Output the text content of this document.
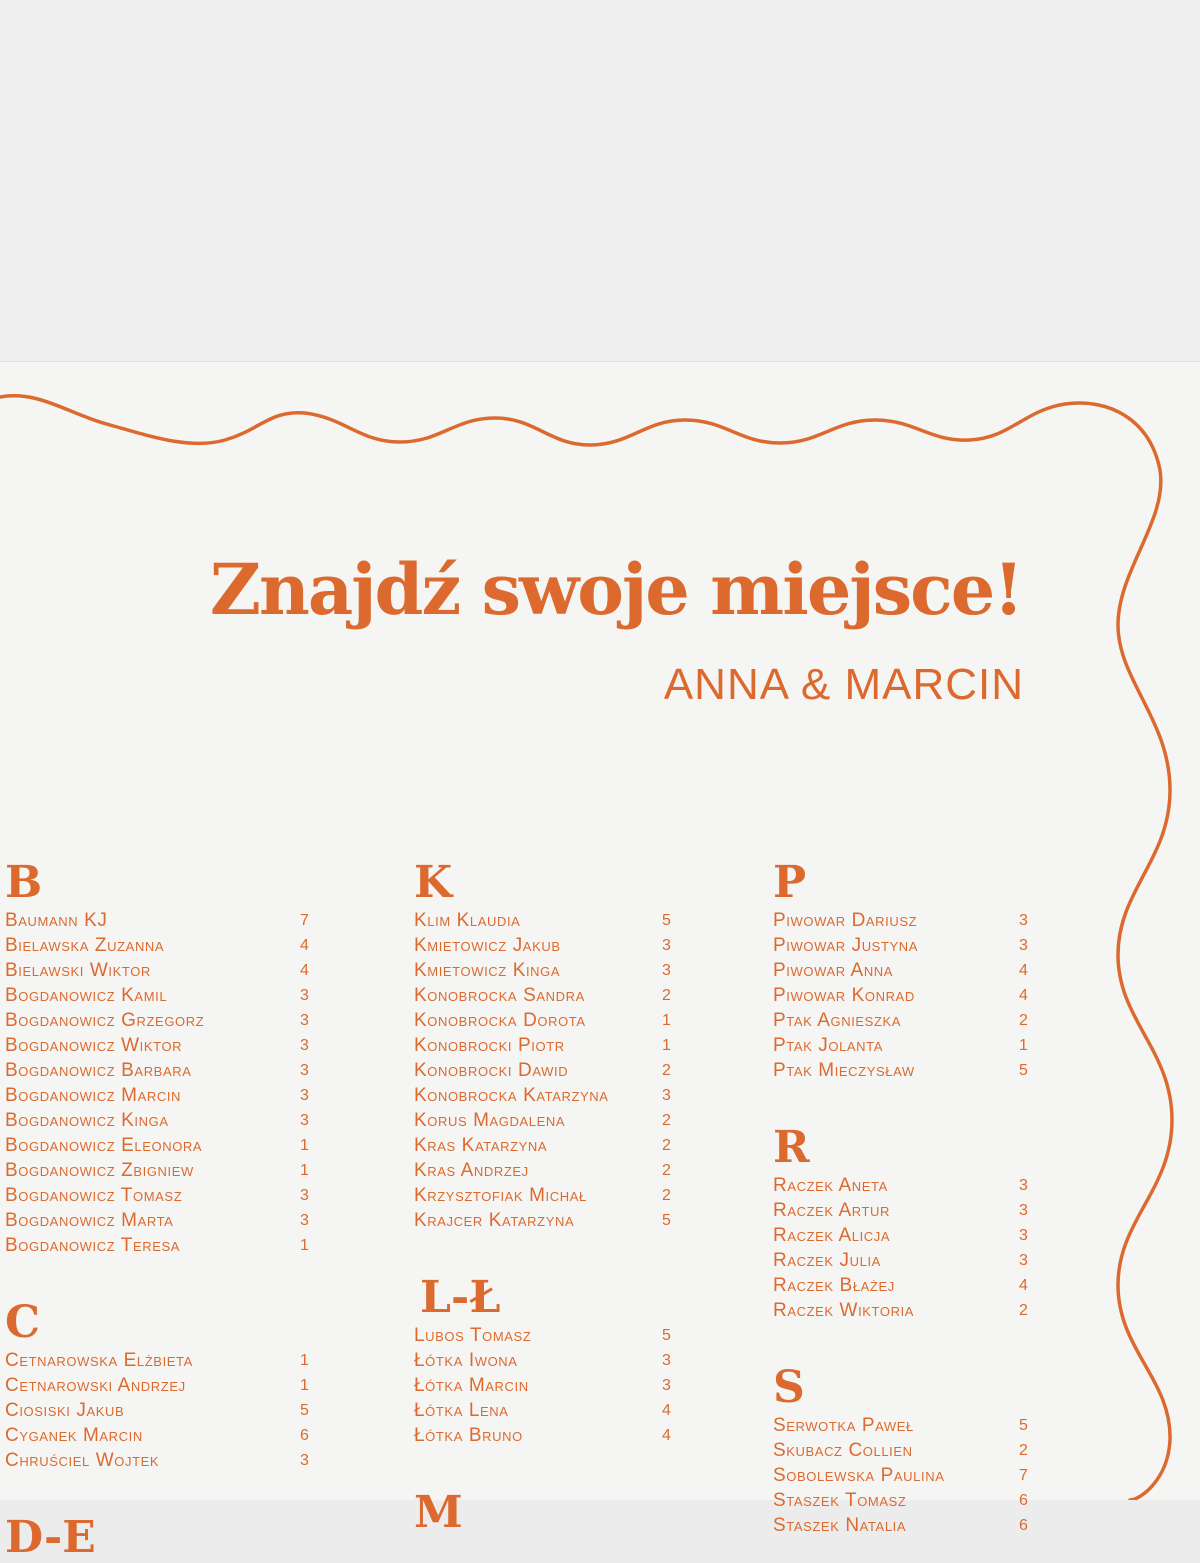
Znajdź swoje miejsce!
ANNA & MARCIN
B
Baumann KJ	7
Bielawska Zuzanna	4
Bielawski Wiktor	4
Bogdanowicz Kamil	3
Bogdanowicz Grzegorz	3
Bogdanowicz Wiktor	3
Bogdanowicz Barbara	3
Bogdanowicz Marcin	3
Bogdanowicz Kinga	3
Bogdanowicz Eleonora	1
Bogdanowicz Zbigniew	1
Bogdanowicz Tomasz	3
Bogdanowicz Marta	3
Bogdanowicz Teresa	1
C
Cetnarowska Elżbieta	1
Cetnarowski Andrzej	1
Ciosiski Jakub	5
Cyganek Marcin	6
Chruściel Wojtek	3
D-E
K
Klim Klaudia	5
Kmietowicz Jakub	3
Kmietowicz Kinga	3
Konobrocka Sandra	2
Konobrocka Dorota	1
Konobrocki Piotr	1
Konobrocki Dawid	2
Konobrocka Katarzyna	3
Korus Magdalena	2
Kras Katarzyna	2
Kras Andrzej	2
Krzysztofiak Michał	2
Krajcer Katarzyna	5
L-Ł
Lubos Tomasz	5
Łótka Iwona	3
Łótka Marcin	3
Łótka Lena	4
Łótka Bruno	4
M
P
Piwowar Dariusz	3
Piwowar Justyna	3
Piwowar Anna	4
Piwowar Konrad	4
Ptak Agnieszka	2
Ptak Jolanta	1
Ptak Mieczysław	5
R
Raczek Aneta	3
Raczek Artur	3
Raczek Alicja	3
Raczek Julia	3
Raczek Błażej	4
Raczek Wiktoria	2
S
Serwotka Paweł	5
Skubacz Collien	2
Sobolewska Paulina	7
Staszek Tomasz	6
Staszek Natalia	6
